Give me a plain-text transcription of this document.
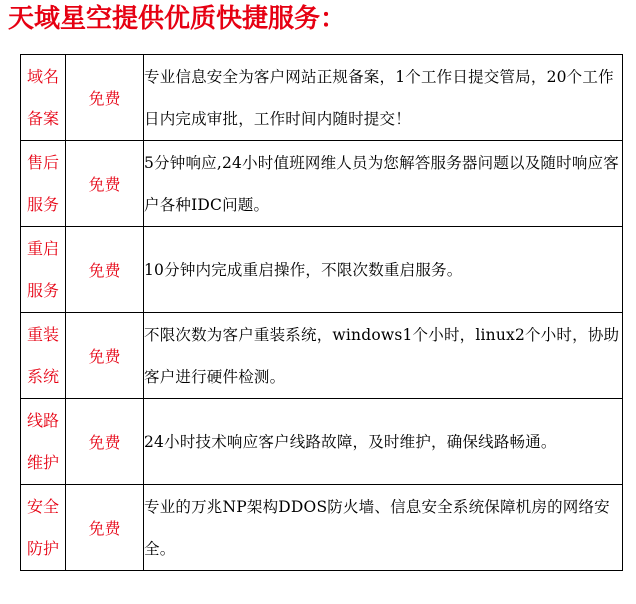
天域星空提供优质快捷服务：
域名
备案	免费	专业信息安全为客户网站正规备案，1个工作日提交管局，20个工作日内完成审批，工作时间内随时提交！

售后
服务	免费	5分钟响应,24小时值班网维人员为您解答服务器问题以及随时响应客户各种IDC问题。

重启
服务	免费	10分钟内完成重启操作，不限次数重启服务。

重装
系统	免费	不限次数为客户重装系统，windows1个小时，linux2个小时，协助客户进行硬件检测。

线路
维护	免费	24小时技术响应客户线路故障，及时维护，确保线路畅通。

安全
防护	免费	专业的万兆NP架构DDOS防火墙、信息安全系统保障机房的网络安全。
